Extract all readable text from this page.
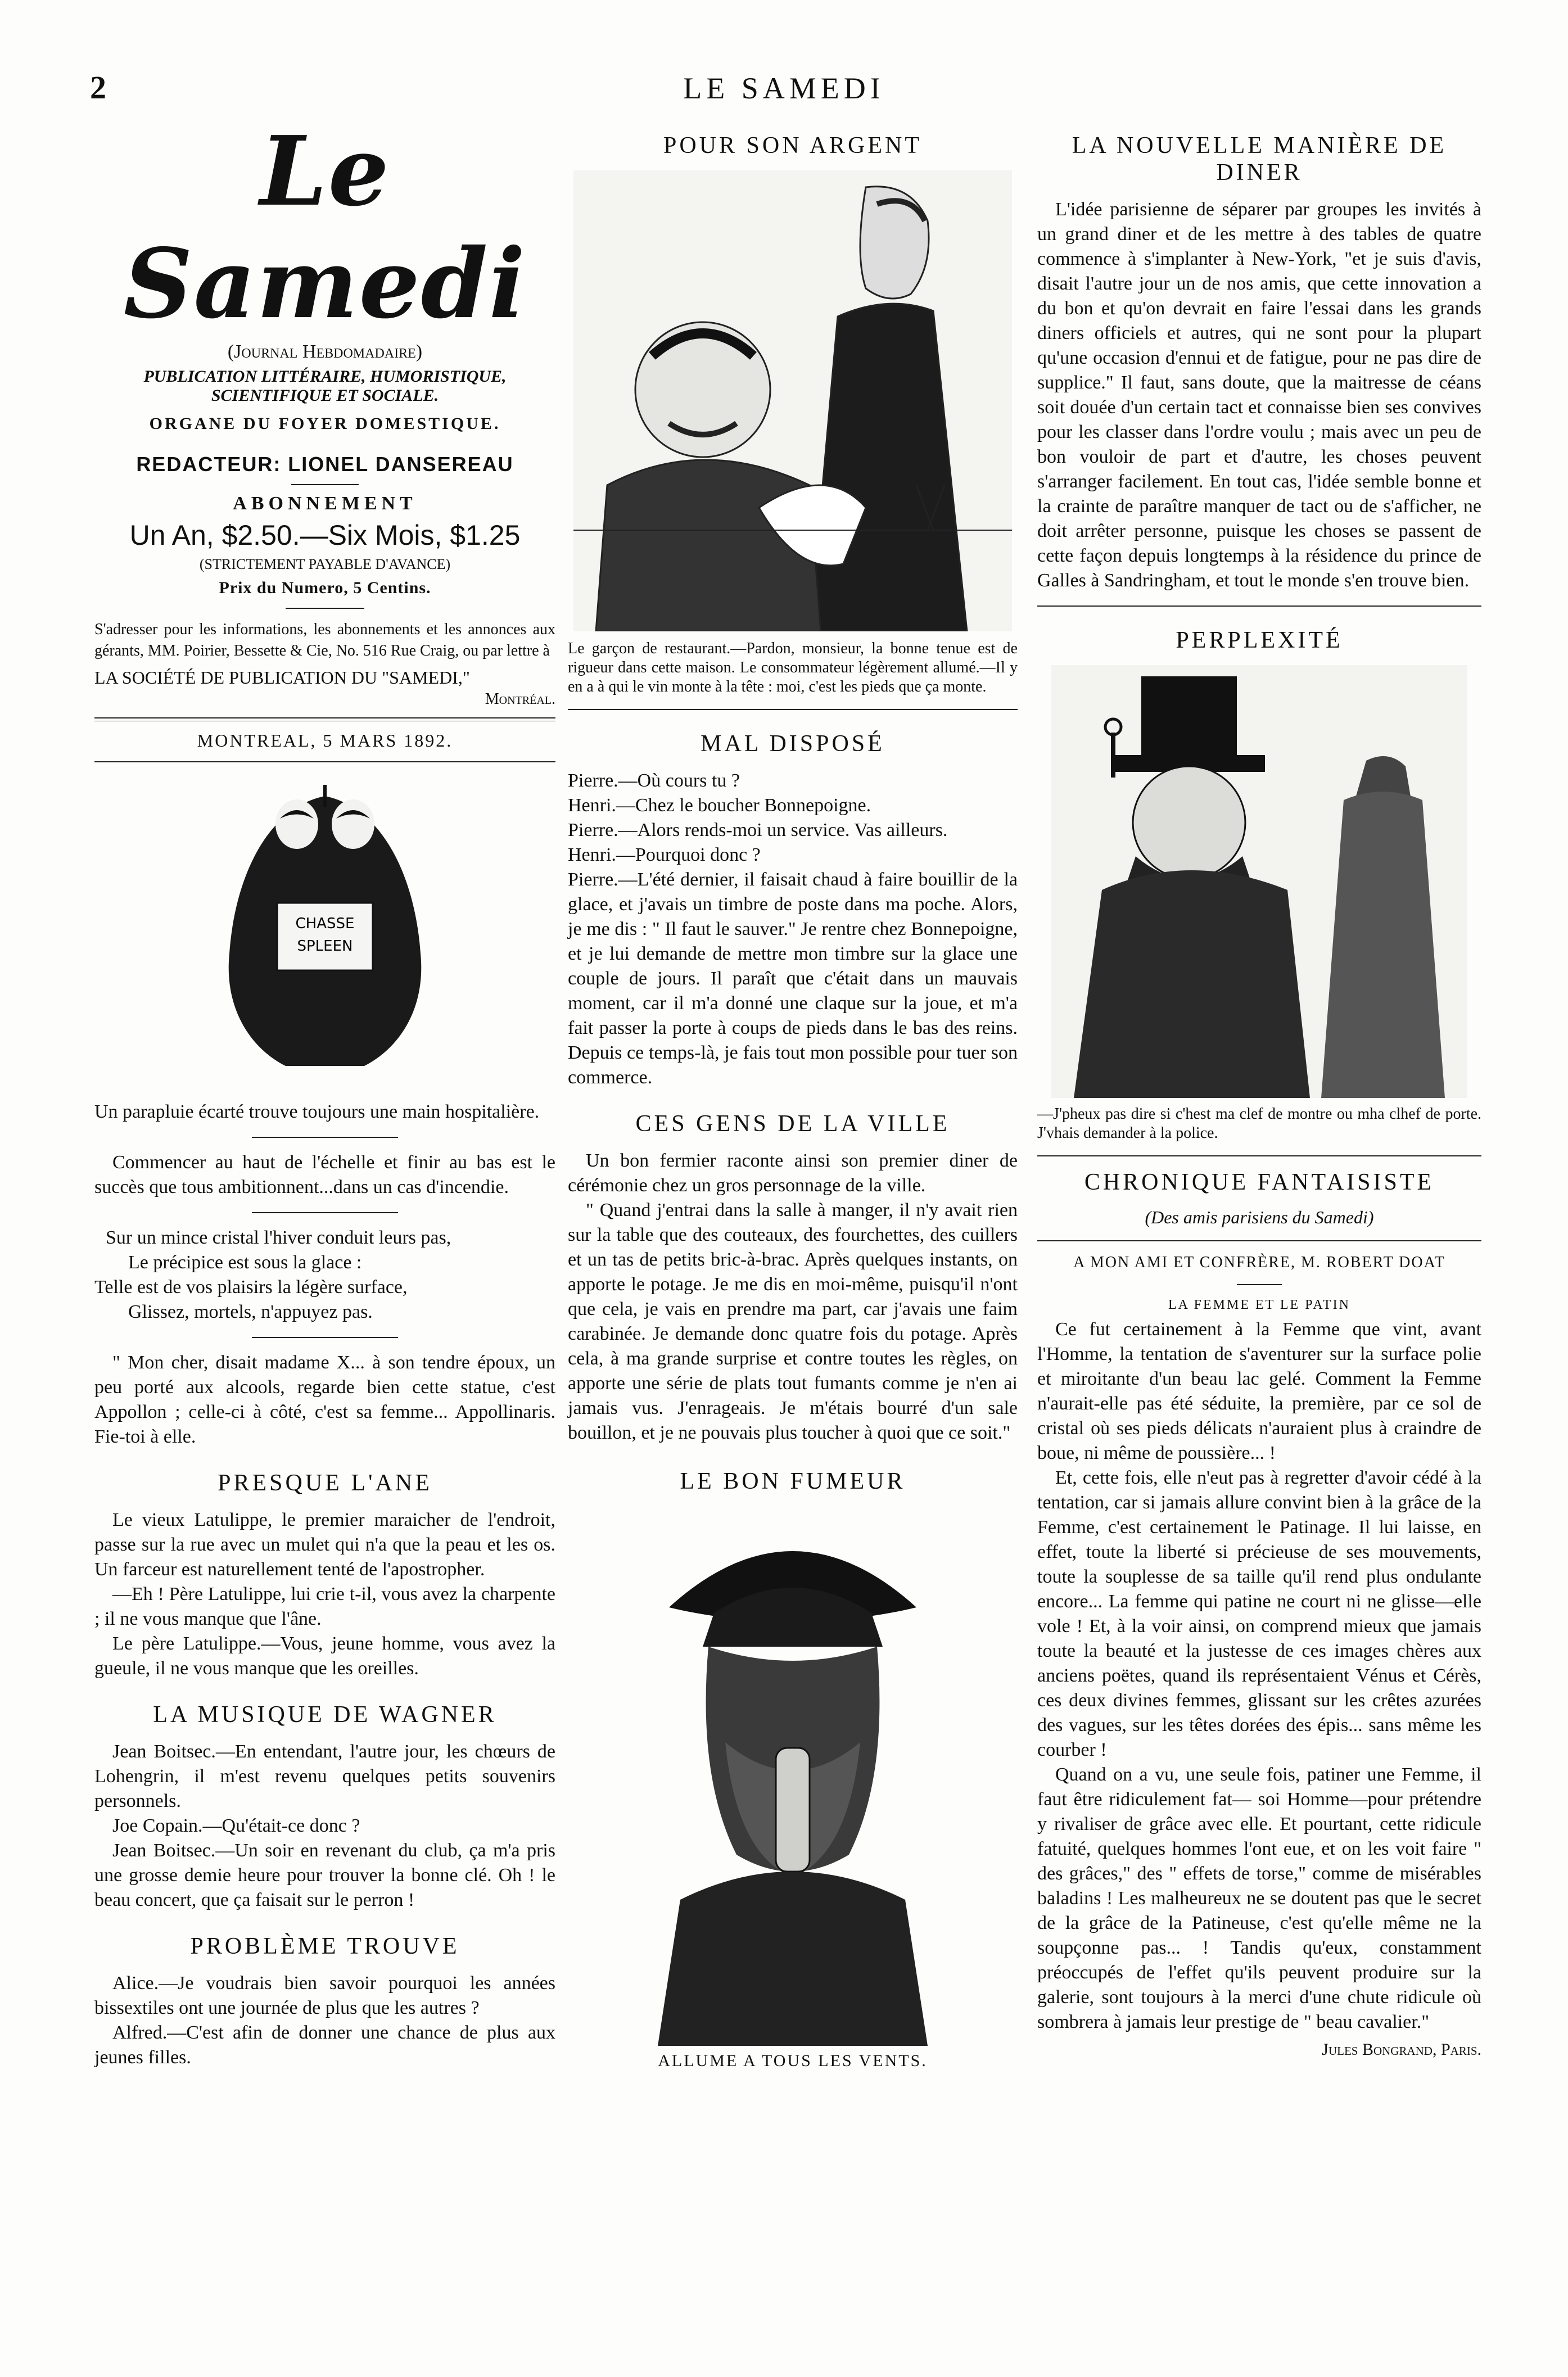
2	LE SAMEDI
Le Samedi
(Journal Hebdomadaire)
PUBLICATION LITTÉRAIRE, HUMORISTIQUE, SCIENTIFIQUE ET SOCIALE.
ORGANE DU FOYER DOMESTIQUE.
REDACTEUR: LIONEL DANSEREAU
ABONNEMENT
Un An, $2.50.—Six Mois, $1.25
(STRICTEMENT PAYABLE D'AVANCE)
Prix du Numero, 5 Centins.
S'adresser pour les informations, les abonnements et les annonces aux gérants, MM. Poirier, Bessette & Cie, No. 516 Rue Craig, ou par lettre à
LA SOCIÉTÉ DE PUBLICATION DU "SAMEDI,"
Montréal.
MONTREAL, 5 MARS 1892.
CHASSE
SPLEEN

Un parapluie écarté trouve toujours une main hospitalière.

Commencer au haut de l'échelle et finir au bas est le succès que tous ambitionnent...dans un cas d'incendie.

Sur un mince cristal l'hiver conduit leurs pas,

Le précipice est sous la glace :

Telle est de vos plaisirs la légère surface,

Glissez, mortels, n'appuyez pas.

" Mon cher, disait madame X... à son tendre époux, un peu porté aux alcools, regarde bien cette statue, c'est Appollon ; celle-ci à côté, c'est sa femme... Appollinaris. Fie-toi à elle.

PRESQUE L'ANE

Le vieux Latulippe, le premier maraicher de l'endroit, passe sur la rue avec un mulet qui n'a que la peau et les os. Un farceur est naturellement tenté de l'apostropher.

—Eh ! Père Latulippe, lui crie t-il, vous avez la charpente ; il ne vous manque que l'âne.

Le père Latulippe.—Vous, jeune homme, vous avez la gueule, il ne vous manque que les oreilles.

LA MUSIQUE DE WAGNER

Jean Boitsec.—En entendant, l'autre jour, les chœurs de Lohengrin, il m'est revenu quelques petits souvenirs personnels.

Joe Copain.—Qu'était-ce donc ?

Jean Boitsec.—Un soir en revenant du club, ça m'a pris une grosse demie heure pour trouver la bonne clé. Oh ! le beau concert, que ça faisait sur le perron !

PROBLÈME TROUVE

Alice.—Je voudrais bien savoir pourquoi les années bissextiles ont une journée de plus que les autres ?

Alfred.—C'est afin de donner une chance de plus aux jeunes filles.

POUR SON ARGENT
Le garçon de restaurant.—Pardon, monsieur, la bonne tenue est de rigueur dans cette maison. Le consommateur légèrement allumé.—Il y en a à qui le vin monte à la tête : moi, c'est les pieds que ça monte.
MAL DISPOSÉ

Pierre.—Où cours tu ?

Henri.—Chez le boucher Bonnepoigne.

Pierre.—Alors rends-moi un service. Vas ailleurs.

Henri.—Pourquoi donc ?

Pierre.—L'été dernier, il faisait chaud à faire bouillir de la glace, et j'avais un timbre de poste dans ma poche. Alors, je me dis : " Il faut le sauver." Je rentre chez Bonnepoigne, et je lui demande de mettre mon timbre sur la glace une couple de jours. Il paraît que c'était dans un mauvais moment, car il m'a donné une claque sur la joue, et m'a fait passer la porte à coups de pieds dans le bas des reins. Depuis ce temps-là, je fais tout mon possible pour tuer son commerce.

CES GENS DE LA VILLE

Un bon fermier raconte ainsi son premier diner de cérémonie chez un gros personnage de la ville.

" Quand j'entrai dans la salle à manger, il n'y avait rien sur la table que des couteaux, des fourchettes, des cuillers et un tas de petits bric-à-brac. Après quelques instants, on apporte le potage. Je me dis en moi-même, puisqu'il n'ont que cela, je vais en prendre ma part, car j'avais une faim carabinée. Je demande donc quatre fois du potage. Après cela, à ma grande surprise et contre toutes les règles, on apporte une série de plats tout fumants comme je n'en ai jamais vus. J'enrageais. Je m'étais bourré d'un sale bouillon, et je ne pouvais plus toucher à quoi que ce soit."

LE BON FUMEUR
ALLUME A TOUS LES VENTS.
LA NOUVELLE MANIÈRE DE DINER

L'idée parisienne de séparer par groupes les invités à un grand diner et de les mettre à des tables de quatre commence à s'implanter à New-York, "et je suis d'avis, disait l'autre jour un de nos amis, que cette innovation a du bon et qu'on devrait en faire l'essai dans les grands diners officiels et autres, qui ne sont pour la plupart qu'une occasion d'ennui et de fatigue, pour ne pas dire de supplice." Il faut, sans doute, que la maitresse de céans soit douée d'un certain tact et connaisse bien ses convives pour les classer dans l'ordre voulu ; mais avec un peu de bon vouloir de part et d'autre, les choses peuvent s'arranger facilement. En tout cas, l'idée semble bonne et la crainte de paraître manquer de tact ou de s'afficher, ne doit arrêter personne, puisque les choses se passent de cette façon depuis longtemps à la résidence du prince de Galles à Sandringham, et tout le monde s'en trouve bien.

PERPLEXITÉ
—J'pheux pas dire si c'hest ma clef de montre ou mha clhef de porte. J'vhais demander à la police.
CHRONIQUE FANTAISISTE
(Des amis parisiens du Samedi)
A MON AMI ET CONFRÈRE, M. ROBERT DOAT
LA FEMME ET LE PATIN

Ce fut certainement à la Femme que vint, avant l'Homme, la tentation de s'aventurer sur la surface polie et miroitante d'un beau lac gelé. Comment la Femme n'aurait-elle pas été séduite, la première, par ce sol de cristal où ses pieds délicats n'auraient plus à craindre de boue, ni même de poussière... !

Et, cette fois, elle n'eut pas à regretter d'avoir cédé à la tentation, car si jamais allure convint bien à la grâce de la Femme, c'est certainement le Patinage. Il lui laisse, en effet, toute la liberté si précieuse de ses mouvements, toute la souplesse de sa taille qu'il rend plus ondulante encore... La femme qui patine ne court ni ne glisse—elle vole ! Et, à la voir ainsi, on comprend mieux que jamais toute la beauté et la justesse de ces images chères aux anciens poëtes, quand ils représentaient Vénus et Cérès, ces deux divines femmes, glissant sur les crêtes azurées des vagues, sur les têtes dorées des épis... sans même les courber !

Quand on a vu, une seule fois, patiner une Femme, il faut être ridiculement fat— soi Homme—pour prétendre y rivaliser de grâce avec elle. Et pourtant, cette ridicule fatuité, quelques hommes l'ont eue, et on les voit faire " des grâces," des " effets de torse," comme de misérables baladins ! Les malheureux ne se doutent pas que le secret de la grâce de la Patineuse, c'est qu'elle même ne la soupçonne pas... ! Tandis qu'eux, constamment préoccupés de l'effet qu'ils peuvent produire sur la galerie, sont toujours à la merci d'une chute ridicule où sombrera à jamais leur prestige de " beau cavalier."

Jules Bongrand, Paris.
